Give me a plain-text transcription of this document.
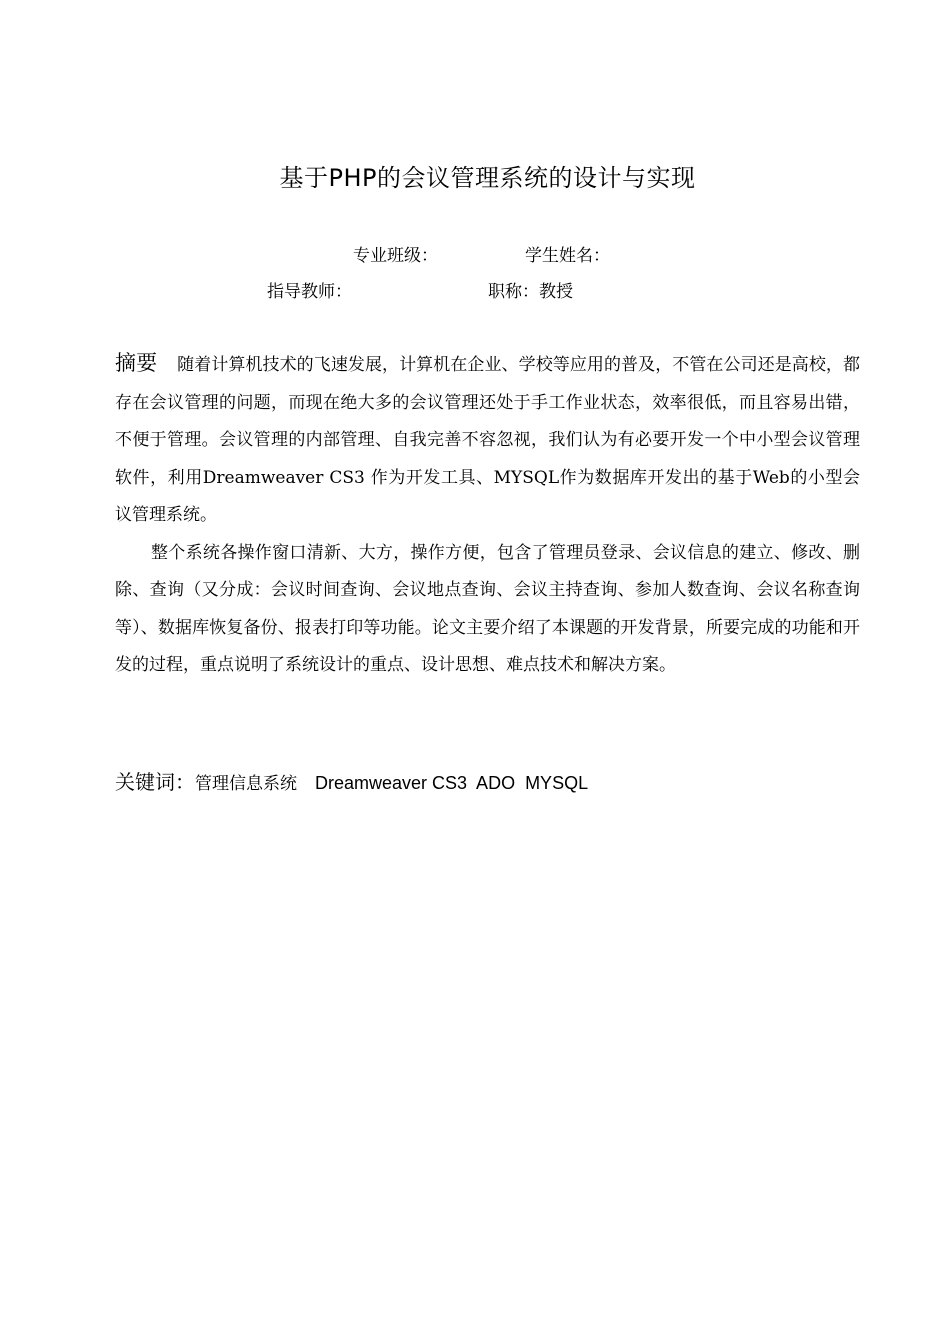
基于PHP的会议管理系统的设计与实现
专业班级：	学生姓名：
指导教师：	职称：教授

摘要 随着计算机技术的飞速发展，计算机在企业、学校等应用的普及，不管在公司还是高校，都存在会议管理的问题，而现在绝大多的会议管理还处于手工作业状态，效率很低，而且容易出错，不便于管理。会议管理的内部管理、自我完善不容忽视，我们认为有必要开发一个中小型会议管理软件，利用Dreamweaver CS3 作为开发工具、MYSQL作为数据库开发出的基于Web的小型会议管理系统。

整个系统各操作窗口清新、大方，操作方便，包含了管理员登录、会议信息的建立、修改、删除、查询（又分成：会议时间查询、会议地点查询、会议主持查询、参加人数查询、会议名称查询等）、数据库恢复备份、报表打印等功能。论文主要介绍了本课题的开发背景，所要完成的功能和开发的过程，重点说明了系统设计的重点、设计思想、难点技术和解决方案。

关键词：管理信息系统 Dreamweaver CS3  ADO  MYSQL
